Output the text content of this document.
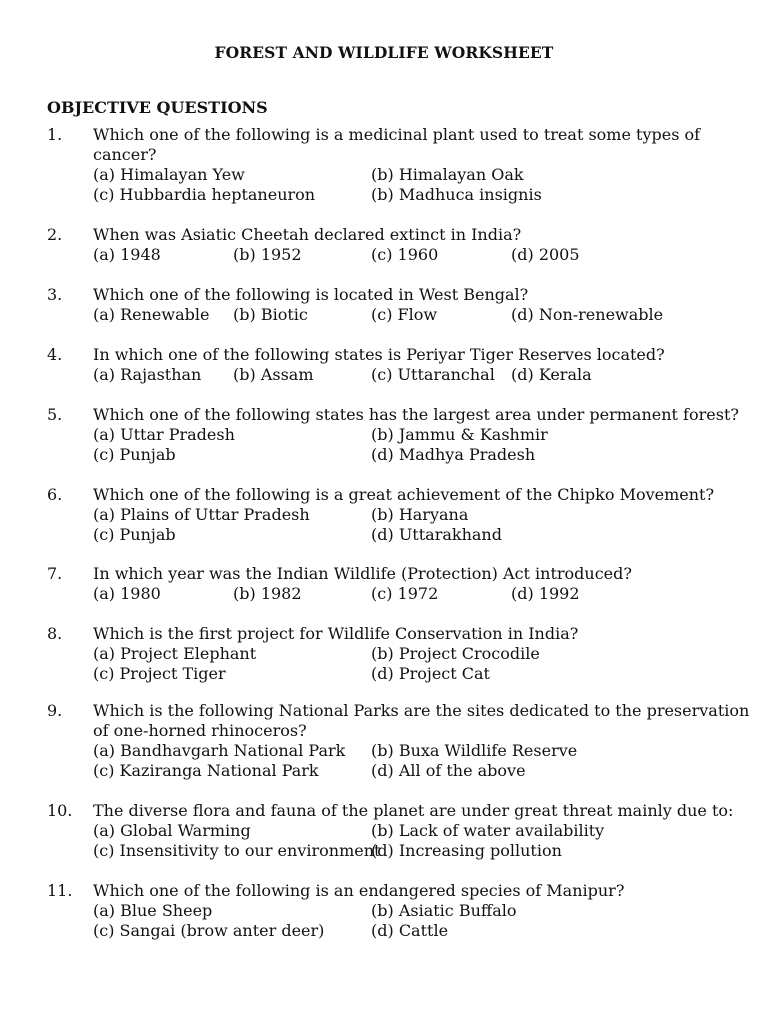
FOREST AND WILDLIFE WORKSHEET
OBJECTIVE QUESTIONS
1. Which one of the following is a medicinal plant used to treat some types of
cancer?
(a) Himalayan Yew	(b) Himalayan Oak
(c) Hubbardia heptaneuron	(b) Madhuca insignis
2. When was Asiatic Cheetah declared extinct in India?
(a) 1948	(b) 1952	(c) 1960	(d) 2005
3. Which one of the following is located in West Bengal?
(a) Renewable (b) Biotic	(c) Flow	(d) Non-renewable
4. In which one of the following states is Periyar Tiger Reserves located?
(a) Rajasthan (b) Assam	(c) Uttaranchal (d) Kerala
5. Which one of the following states has the largest area under permanent forest?
(a) Uttar Pradesh	(b) Jammu & Kashmir
(c) Punjab	(d) Madhya Pradesh
6. Which one of the following is a great achievement of the Chipko Movement?
(a) Plains of Uttar Pradesh	(b) Haryana
(c) Punjab	(d) Uttarakhand
7. In which year was the Indian Wildlife (Protection) Act introduced?
(a) 1980	(b) 1982	(c) 1972	(d) 1992
8. Which is the first project for Wildlife Conservation in India?
(a) Project Elephant	(b) Project Crocodile
(c) Project Tiger	(d) Project Cat
9. Which is the following National Parks are the sites dedicated to the preservation
of one-horned rhinoceros?
(a) Bandhavgarh National Park (b) Buxa Wildlife Reserve
(c) Kaziranga National Park	(d) All of the above
10. The diverse flora and fauna of the planet are under great threat mainly due to:
(a) Global Warming	(b) Lack of water availability
(c) Insensitivity to our environment
(d) Increasing pollution
11. Which one of the following is an endangered species of Manipur?
(a) Blue Sheep	(b) Asiatic Buffalo
(c) Sangai (brow anter deer)	(d) Cattle
